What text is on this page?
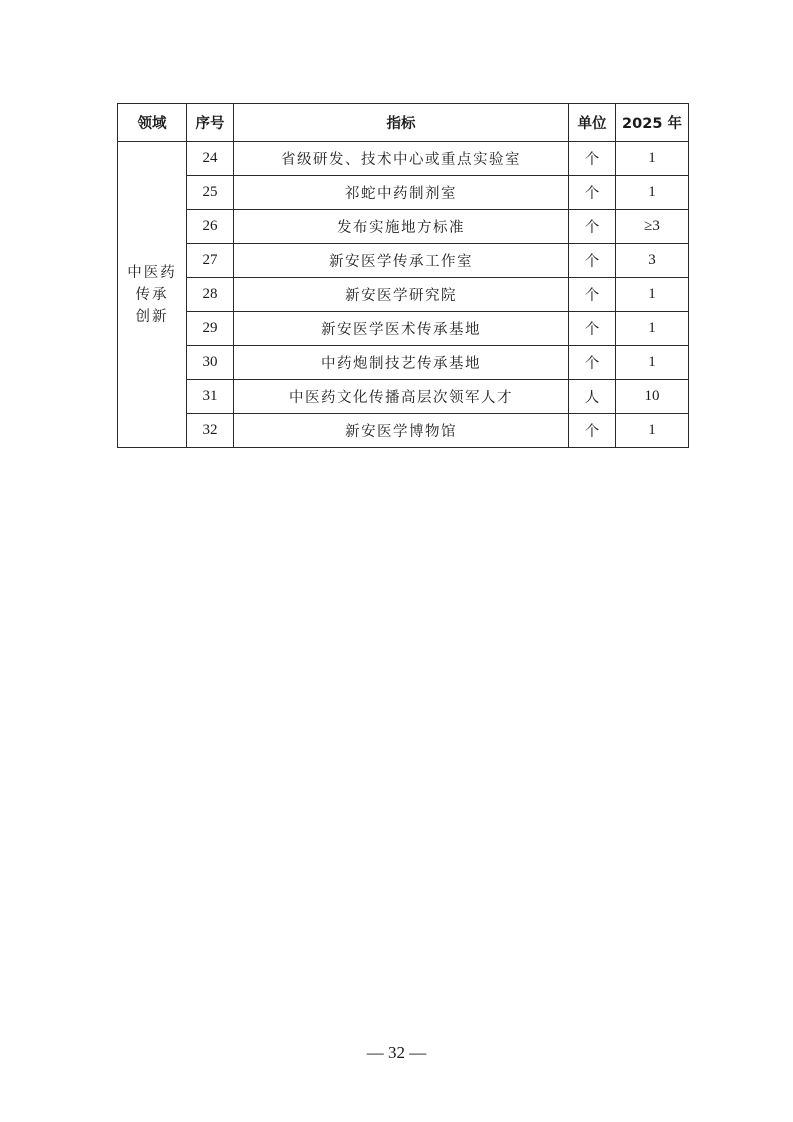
领域	序号	指标	单位	2025 年

中医药
传承
创新	24	省级研发、技术中心或重点实验室	个	1
	25	祁蛇中药制剂室	个	1
	26	发布实施地方标准	个	≥3
	27	新安医学传承工作室	个	3
	28	新安医学研究院	个	1
	29	新安医学医术传承基地	个	1
	30	中药炮制技艺传承基地	个	1
	31	中医药文化传播高层次领军人才	人	10
	32	新安医学博物馆	个	1
— 32 —
